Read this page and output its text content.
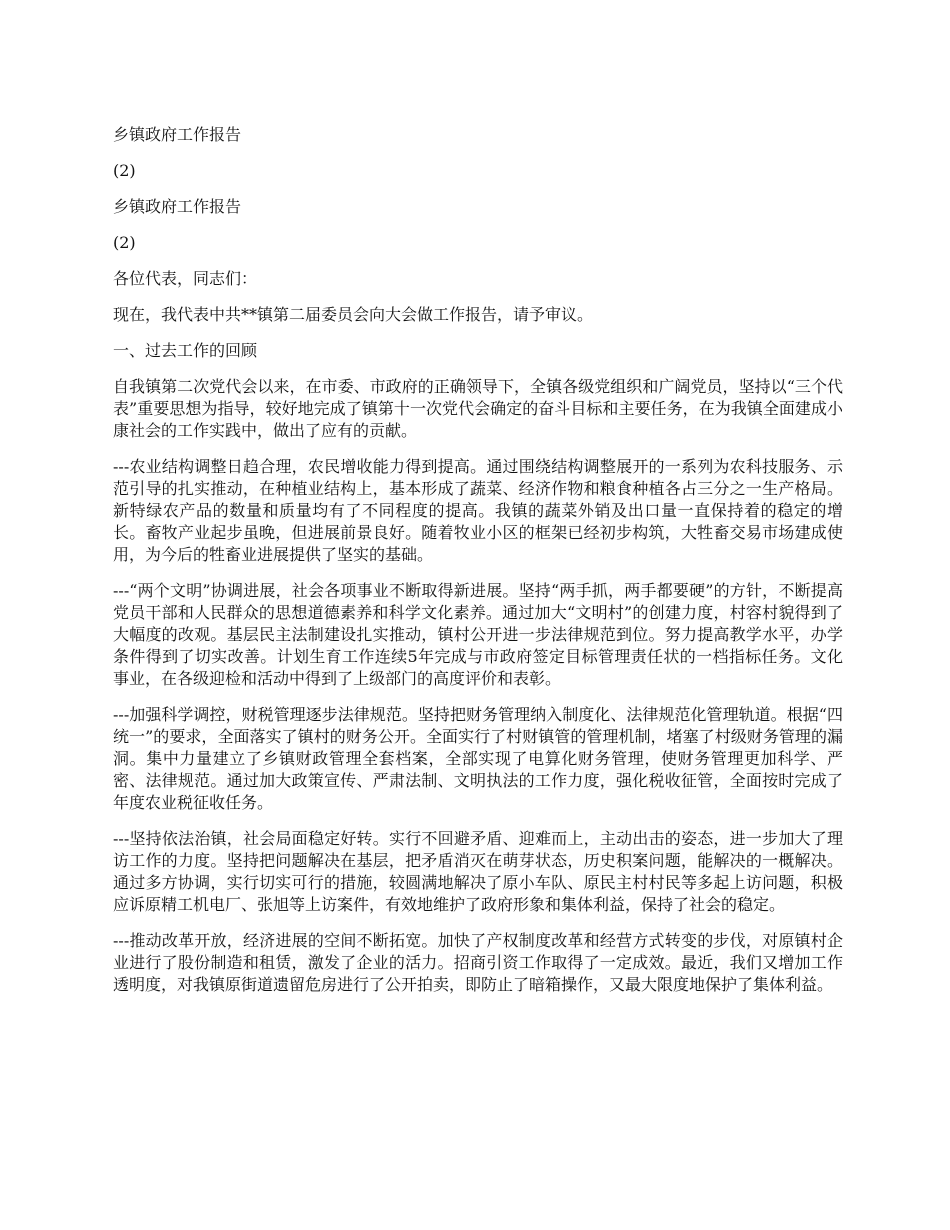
乡镇政府工作报告

(2)

乡镇政府工作报告

(2)

各位代表，同志们：

现在，我代表中共**镇第二届委员会向大会做工作报告，请予审议。

一、过去工作的回顾

自我镇第二次党代会以来，在市委、市政府的正确领导下，全镇各级党组织和广阔党员，坚持以“三个代表”重要思想为指导，较好地完成了镇第十一次党代会确定的奋斗目标和主要任务，在为我镇全面建成小康社会的工作实践中，做出了应有的贡献。

---农业结构调整日趋合理，农民增收能力得到提高。通过围绕结构调整展开的一系列为农科技服务、示范引导的扎实推动，在种植业结构上，基本形成了蔬菜、经济作物和粮食种植各占三分之一生产格局。新特绿农产品的数量和质量均有了不同程度的提高。我镇的蔬菜外销及出口量一直保持着的稳定的增长。畜牧产业起步虽晚，但进展前景良好。随着牧业小区的框架已经初步构筑，大牲畜交易市场建成使用，为今后的牲畜业进展提供了坚实的基础。

---“两个文明”协调进展，社会各项事业不断取得新进展。坚持“两手抓，两手都要硬”的方针，不断提高党员干部和人民群众的思想道德素养和科学文化素养。通过加大“文明村”的创建力度，村容村貌得到了大幅度的改观。基层民主法制建设扎实推动，镇村公开进一步法律规范到位。努力提高教学水平，办学条件得到了切实改善。计划生育工作连续5年完成与市政府签定目标管理责任状的一档指标任务。文化事业，在各级迎检和活动中得到了上级部门的高度评价和表彰。

---加强科学调控，财税管理逐步法律规范。坚持把财务管理纳入制度化、法律规范化管理轨道。根据“四统一”的要求，全面落实了镇村的财务公开。全面实行了村财镇管的管理机制，堵塞了村级财务管理的漏洞。集中力量建立了乡镇财政管理全套档案，全部实现了电算化财务管理，使财务管理更加科学、严密、法律规范。通过加大政策宣传、严肃法制、文明执法的工作力度，强化税收征管，全面按时完成了年度农业税征收任务。

---坚持依法治镇，社会局面稳定好转。实行不回避矛盾、迎难而上，主动出击的姿态，进一步加大了理访工作的力度。坚持把问题解决在基层，把矛盾消灭在萌芽状态，历史积案问题，能解决的一概解决。通过多方协调，实行切实可行的措施，较圆满地解决了原小车队、原民主村村民等多起上访问题，积极应诉原精工机电厂、张旭等上访案件，有效地维护了政府形象和集体利益，保持了社会的稳定。

---推动改革开放，经济进展的空间不断拓宽。加快了产权制度改革和经营方式转变的步伐，对原镇村企业进行了股份制造和租赁，激发了企业的活力。招商引资工作取得了一定成效。最近，我们又增加工作透明度，对我镇原街道遗留危房进行了公开拍卖，即防止了暗箱操作，又最大限度地保护了集体利益。
